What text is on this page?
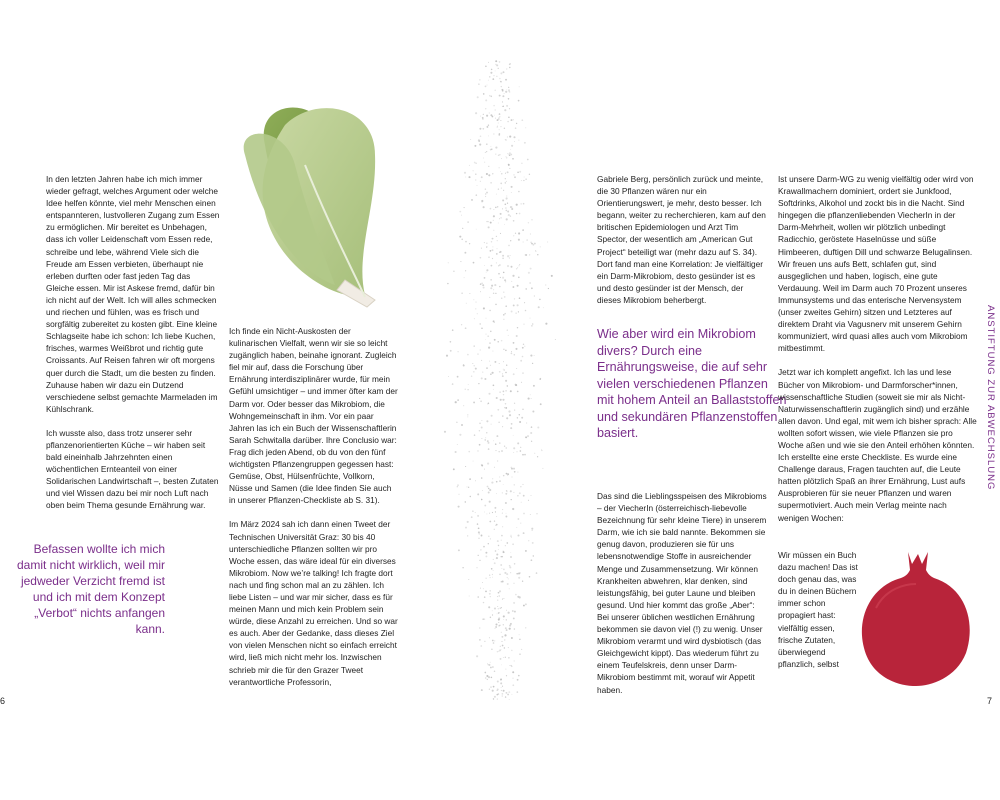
In den letzten Jahren habe ich mich immer wieder gefragt, welches Argument oder welche Idee helfen könnte, viel mehr Menschen einen entspannteren, lustvolleren Zugang zum Essen zu ermöglichen. Mir bereitet es Unbehagen, dass ich voller Leidenschaft vom Essen rede, schreibe und lebe, während Viele sich die Freude am Essen verbieten, überhaupt nie erleben durften oder fast jeden Tag das Gleiche essen. Mir ist Askese fremd, dafür bin ich nicht auf der Welt. Ich will alles schmecken und riechen und fühlen, was es frisch und sorgfältig zubereitet zu kosten gibt. Eine kleine Schlagseite habe ich schon: Ich liebe Kuchen, frisches, warmes Weißbrot und richtig gute Croissants. Auf Reisen fahren wir oft morgens quer durch die Stadt, um die besten zu finden. Zuhause haben wir dazu ein Dutzend verschiedene selbst gemachte Marmeladen im Kühlschrank.

Ich wusste also, dass trotz unserer sehr pflanzenorientierten Küche – wir haben seit bald eineinhalb Jahrzehnten einen wöchentlichen Ernteanteil von einer Solidarischen Landwirtschaft –, besten Zutaten und viel Wissen dazu bei mir noch Luft nach oben beim Thema gesunde Ernährung war.

Befassen wollte ich mich damit nicht wirklich, weil mir jedweder Verzicht fremd ist und ich mit dem Konzept „Verbot“ nichts anfangen kann.

Ich finde ein Nicht-Auskosten der kulinarischen Vielfalt, wenn wir sie so leicht zugänglich haben, beinahe ignorant. Zugleich fiel mir auf, dass die Forschung über Ernährung interdisziplinärer wurde, für mein Gefühl umsichtiger – und immer öfter kam der Darm vor. Oder besser das Mikrobiom, die Wohngemeinschaft in ihm. Vor ein paar Jahren las ich ein Buch der Wissenschaftlerin Sarah Schwitalla darüber. Ihre Conclusio war: Frag dich jeden Abend, ob du von den fünf wichtigsten Pflanzengruppen gegessen hast: Gemüse, Obst, Hülsenfrüchte, Vollkorn, Nüsse und Samen (die Idee finden Sie auch in unserer Pflanzen-Checkliste ab S. 31).

Im März 2024 sah ich dann einen Tweet der Technischen Universität Graz: 30 bis 40 unterschiedliche Pflanzen sollten wir pro Woche essen, das wäre ideal für ein diverses Mikrobiom. Now we’re talking! Ich fragte dort nach und fing schon mal an zu zählen. Ich liebe Listen – und war mir sicher, dass es für meinen Mann und mich kein Problem sein würde, diese Anzahl zu erreichen. Und so war es auch. Aber der Gedanke, dass dieses Ziel von vielen Menschen nicht so einfach erreicht wird, ließ mich nicht mehr los. Inzwischen schrieb mir die für den Grazer Tweet verantwortliche Professorin,

Gabriele Berg, persönlich zurück und meinte, die 30 Pflanzen wären nur ein Orientierungswert, je mehr, desto besser. Ich begann, weiter zu recherchieren, kam auf den britischen Epidemiologen und Arzt Tim Spector, der wesentlich am „American Gut Project“ beteiligt war (mehr dazu auf S. 34). Dort fand man eine Korrelation: Je vielfältiger ein Darm-Mikrobiom, desto gesünder ist es und desto gesünder ist der Mensch, der dieses Mikrobiom beherbergt.

Wie aber wird ein Mikrobiom divers? Durch eine Ernährungsweise, die auf sehr vielen verschiedenen Pflanzen mit hohem Anteil an Ballaststoffen und sekundären Pflanzenstoffen basiert.

Das sind die Lieblingsspeisen des Mikrobioms – der ViecherIn (österreichisch-liebevolle Bezeichnung für sehr kleine Tiere) in unserem Darm, wie ich sie bald nannte. Bekommen sie genug davon, produzieren sie für uns lebensnotwendige Stoffe in ausreichender Menge und Zusammensetzung. Wir können Krankheiten abwehren, klar denken, sind leistungsfähig, bei guter Laune und bleiben gesund. Und hier kommt das große „Aber“: Bei unserer üblichen westlichen Ernährung bekommen sie davon viel (!) zu wenig. Unser Mikrobiom verarmt und wird dysbiotisch (das Gleichgewicht kippt). Das wiederum führt zu einem Teufelskreis, denn unser Darm-Mikrobiom bestimmt mit, worauf wir Appetit haben.

Ist unsere Darm-WG zu wenig vielfältig oder wird von Krawallmachern dominiert, ordert sie Junkfood, Softdrinks, Alkohol und zockt bis in die Nacht. Sind hingegen die pflanzenliebenden ViecherIn in der Darm-Mehrheit, wollen wir plötzlich unbedingt Radicchio, geröstete Haselnüsse und süße Himbeeren, duftigen Dill und schwarze Belugalinsen. Wir freuen uns aufs Bett, schlafen gut, sind ausgeglichen und haben, logisch, eine gute Verdauung. Weil im Darm auch 70 Prozent unseres Immunsystems und das enterische Nervensystem (unser zweites Gehirn) sitzen und Letzteres auf direktem Draht via Vagusnerv mit unserem Gehirn kommuniziert, wird quasi alles auch vom Mikrobiom mitbestimmt.

Jetzt war ich komplett angefixt. Ich las und lese Bücher von Mikrobiom- und Darmforscher*innen, wissenschaftliche Studien (soweit sie mir als Nicht-Naturwissenschaftlerin zugänglich sind) und erzähle allen davon. Und egal, mit wem ich bisher sprach: Alle wollten sofort wissen, wie viele Pflanzen sie pro Woche aßen und wie sie den Anteil erhöhen könnten. Ich erstellte eine erste Checkliste. Es wurde eine Challenge daraus, Fragen tauchten auf, die Leute hatten plötzlich Spaß an ihrer Ernährung, Lust aufs Ausprobieren für sie neuer Pflanzen und waren supermotiviert. Auch mein Verlag meinte nach wenigen Wochen:

Wir müssen ein Buch dazu machen! Das ist doch genau das, was du in deinen Büchern immer schon propagiert hast: vielfältig essen, frische Zutaten, überwiegend pflanzlich, selbst
ANSTIFTUNG ZUR ABWECHSLUNG
6	7
